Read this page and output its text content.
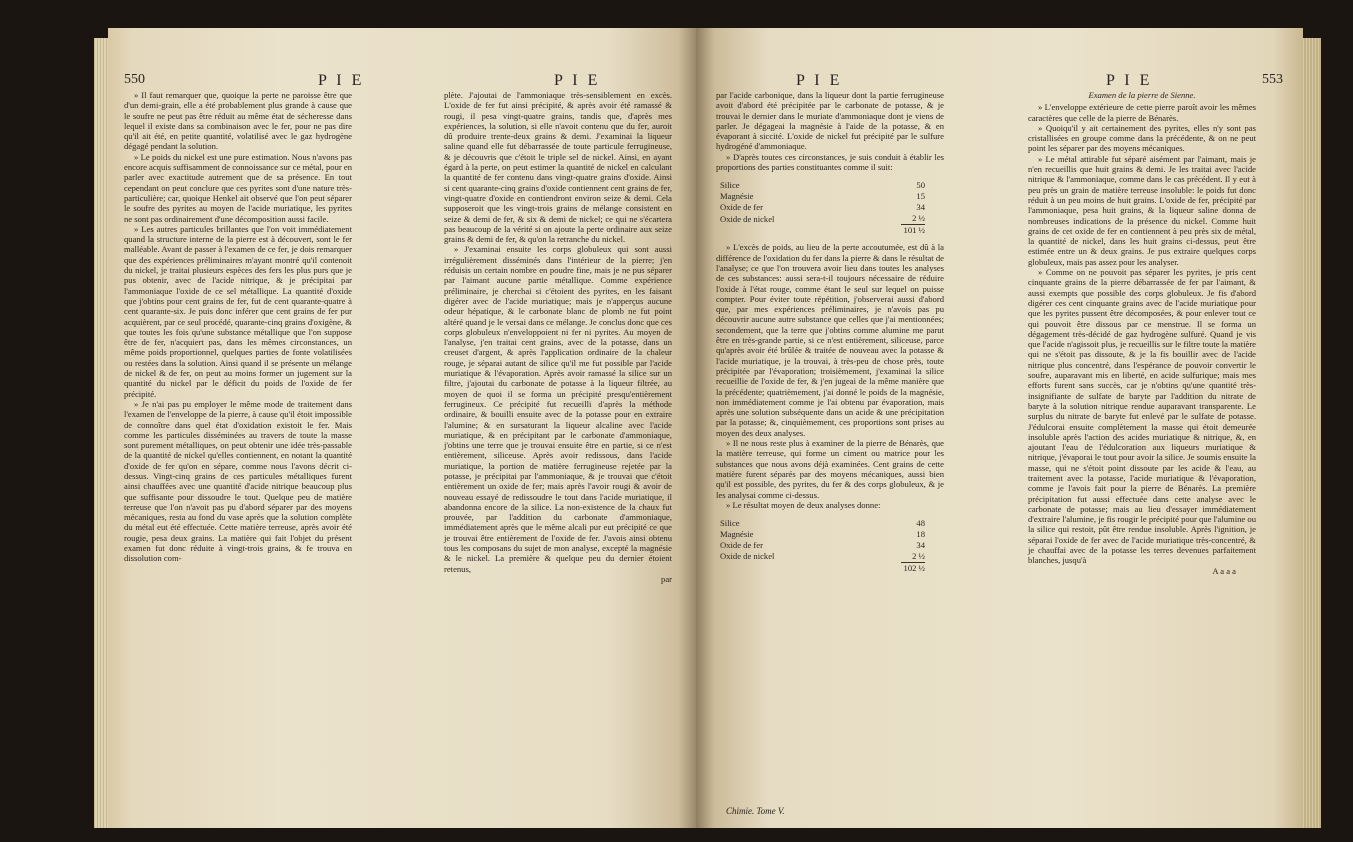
550	P I E	P I E

» Il faut remarquer que, quoique la perte ne paroisse être que d'un demi-grain, elle a été probablement plus grande à cause que le soufre ne peut pas être réduit au même état de sécheresse dans lequel il existe dans sa combinaison avec le fer, pour ne pas dire qu'il ait été, en petite quantité, volatilisé avec le gaz hydrogène dégagé pendant la solution.

» Le poids du nickel est une pure estimation. Nous n'avons pas encore acquis suffisamment de connoissance sur ce métal, pour en parler avec exactitude autrement que de sa présence. En tout cependant on peut conclure que ces pyrites sont d'une nature très-particulière; car, quoique Henkel ait observé que l'on peut séparer le soufre des pyrites au moyen de l'acide muriatique, les pyrites ne sont pas ordinairement d'une décomposition aussi facile.

» Les autres particules brillantes que l'on voit immédiatement quand la structure interne de la pierre est à découvert, sont le fer malléable. Avant de passer à l'examen de ce fer, je dois remarquer que des expériences préliminaires m'ayant montré qu'il contenoit du nickel, je traitai plusieurs espèces des fers les plus purs que je pus obtenir, avec de l'acide nitrique, & je précipitai par l'ammoniaque l'oxide de ce sel métallique. La quantité d'oxide que j'obtins pour cent grains de fer, fut de cent quarante-quatre à cent quarante-six. Je puis donc inférer que cent grains de fer pur acquièrent, par ce seul procédé, quarante-cinq grains d'oxigène, & que toutes les fois qu'une substance métallique que l'on suppose être de fer, n'acquiert pas, dans les mêmes circonstances, un même poids proportionnel, quelques parties de fonte volatilisées ou restées dans la solution. Ainsi quand il se présente un mélange de nickel & de fer, on peut au moins former un jugement sur la quantité du nickel par le déficit du poids de l'oxide de fer précipité.

» Je n'ai pas pu employer le même mode de traitement dans l'examen de l'enveloppe de la pierre, à cause qu'il étoit impossible de connoître dans quel état d'oxidation existoit le fer. Mais comme les particules disséminées au travers de toute la masse sont purement métalliques, on peut obtenir une idée très-passable de la quantité de nickel qu'elles contiennent, en notant la quantité d'oxide de fer qu'on en sépare, comme nous l'avons décrit ci-dessus. Vingt-cinq grains de ces particules métalliques furent ainsi chauffées avec une quantité d'acide nitrique beaucoup plus que suffisante pour dissoudre le tout. Quelque peu de matière terreuse que l'on n'avoit pas pu d'abord séparer par des moyens mécaniques, resta au fond du vase après que la solution complète du métal eut été effectuée. Cette matière terreuse, après avoir été rougie, pesa deux grains. La matière qui fait l'objet du présent examen fut donc réduite à vingt-trois grains, & fe trouva en dissolution com-

plète. J'ajoutai de l'ammoniaque très-sensiblement en excès. L'oxide de fer fut ainsi précipité, & après avoir été ramassé & rougi, il pesa vingt-quatre grains, tandis que, d'après mes expériences, la solution, si elle n'avoit contenu que du fer, auroit dû produire trente-deux grains & demi. J'examinai la liqueur saline quand elle fut débarrassée de toute particule ferrugineuse, & je découvris que c'étoit le triple sel de nickel. Ainsi, en ayant égard à la perte, on peut estimer la quantité de nickel en calculant la quantité de fer contenu dans vingt-quatre grains d'oxide. Ainsi si cent quarante-cinq grains d'oxide contiennent cent grains de fer, vingt-quatre d'oxide en contiendront environ seize & demi. Cela supposeroit que les vingt-trois grains de mélange consistent en seize & demi de fer, & six & demi de nickel; ce qui ne s'écartera pas beaucoup de la vérité si on ajoute la perte ordinaire aux seize grains & demi de fer, & qu'on la retranche du nickel.

» J'examinai ensuite les corps globuleux qui sont aussi irrégulièrement disséminés dans l'intérieur de la pierre; j'en réduisis un certain nombre en poudre fine, mais je ne pus séparer par l'aimant aucune partie métallique. Comme expérience préliminaire, je cherchai si c'étoient des pyrites, en les faisant digérer avec de l'acide muriatique; mais je n'apperçus aucune odeur hépatique, & le carbonate blanc de plomb ne fut point altéré quand je le versai dans ce mélange. Je conclus donc que ces corps globuleux n'enveloppoient ni fer ni pyrites. Au moyen de l'analyse, j'en traitai cent grains, avec de la potasse, dans un creuset d'argent, & après l'application ordinaire de la chaleur rouge, je séparai autant de silice qu'il me fut possible par l'acide muriatique & l'évaporation. Après avoir ramassé la silice sur un filtre, j'ajoutai du carbonate de potasse à la liqueur filtrée, au moyen de quoi il se forma un précipité presqu'entièrement ferrugineux. Ce précipité fut recueilli d'après la méthode ordinaire, & bouilli ensuite avec de la potasse pour en extraire l'alumine; & en sursaturant la liqueur alcaline avec l'acide muriatique, & en précipitant par le carbonate d'ammoniaque, j'obtins une terre que je trouvai ensuite être en partie, si ce n'est entièrement, siliceuse. Après avoir redissous, dans l'acide muriatique, la portion de matière ferrugineuse rejetée par la potasse, je précipitai par l'ammoniaque, & je trouvai que c'étoit entièrement un oxide de fer; mais après l'avoir rougi & avoir de nouveau essayé de redissoudre le tout dans l'acide muriatique, il abandonna encore de la silice. La non-existence de la chaux fut prouvée, par l'addition du carbonate d'ammoniaque, immédiatement après que le même alcali pur eut précipité ce que je trouvai être entièrement de l'oxide de fer. J'avois ainsi obtenu tous les composans du sujet de mon analyse, excepté la magnésie & le nickel. La première & quelque peu du dernier étoient retenus,

par
P I E	P I E	553

par l'acide carbonique, dans la liqueur dont la partie ferrugineuse avoit d'abord été précipitée par le carbonate de potasse, & je trouvai le dernier dans le muriate d'ammoniaque dont je viens de parler. Je dégageai la magnésie à l'aide de la potasse, & en évaporant à siccité. L'oxide de nickel fut précipité par le sulfure hydrogéné d'ammoniaque.

» D'après toutes ces circonstances, je suis conduit à établir les proportions des parties constituantes comme il suit:

Silice	50
Magnésie	15
Oxide de fer	34
Oxide de nickel	2 ½
	101 ½

» L'excès de poids, au lieu de la perte accoutumée, est dû à la différence de l'oxidation du fer dans la pierre & dans le résultat de l'analyse; ce que l'on trouvera avoir lieu dans toutes les analyses de ces substances: aussi sera-t-il toujours nécessaire de réduire l'oxide à l'état rouge, comme étant le seul sur lequel on puisse compter. Pour éviter toute répétition, j'observerai aussi d'abord que, par mes expériences préliminaires, je n'avois pas pu découvrir aucune autre substance que celles que j'ai mentionnées; secondement, que la terre que j'obtins comme alumine me parut être en très-grande partie, si ce n'est entièrement, siliceuse, parce qu'après avoir été brûlée & traitée de nouveau avec la potasse & l'acide muriatique, je la trouvai, à très-peu de chose près, toute précipitée par l'évaporation; troisièmement, j'examinai la silice recueillie de l'oxide de fer, & j'en jugeai de la même manière que la précédente; quatrièmement, j'ai donné le poids de la magnésie, non immédiatement comme je l'ai obtenu par évaporation, mais après une solution subséquente dans un acide & une précipitation par la potasse; &, cinquièmement, ces proportions sont prises au moyen des deux analyses.

» Il ne nous reste plus à examiner de la pierre de Bénarès, que la matière terreuse, qui forme un ciment ou matrice pour les substances que nous avons déjà examinées. Cent grains de cette matière furent séparés par des moyens mécaniques, aussi bien qu'il est possible, des pyrites, du fer & des corps globuleux, & je les analysai comme ci-dessus.

» Le résultat moyen de deux analyses donne:

Silice	48
Magnésie	18
Oxide de fer	34
Oxide de nickel	2 ½
	102 ½
Chimie. Tome V.

Examen de la pierre de Sienne.

» L'enveloppe extérieure de cette pierre paroît avoir les mêmes caractères que celle de la pierre de Bénarès.

» Quoiqu'il y ait certainement des pyrites, elles n'y sont pas cristallisées en groupe comme dans la précédente, & on ne peut point les séparer par des moyens mécaniques.

» Le métal attirable fut séparé aisément par l'aimant, mais je n'en recueillis que huit grains & demi. Je les traitai avec l'acide nitrique & l'ammoniaque, comme dans le cas précédent. Il y eut à peu près un grain de matière terreuse insoluble: le poids fut donc réduit à un peu moins de huit grains. L'oxide de fer, précipité par l'ammoniaque, pesa huit grains, & la liqueur saline donna de nombreuses indications de la présence du nickel. Comme huit grains de cet oxide de fer en contiennent à peu près six de métal, la quantité de nickel, dans les huit grains ci-dessus, peut être estimée entre un & deux grains. Je pus extraire quelques corps globuleux, mais pas assez pour les analyser.

» Comme on ne pouvoit pas séparer les pyrites, je pris cent cinquante grains de la pierre débarrassée de fer par l'aimant, & aussi exempts que possible des corps globuleux. Je fis d'abord digérer ces cent cinquante grains avec de l'acide muriatique pour que les pyrites pussent être décomposées, & pour enlever tout ce qui pouvoit être dissous par ce menstrue. Il se forma un dégagement très-décidé de gaz hydrogène sulfuré. Quand je vis que l'acide n'agissoit plus, je recueillis sur le filtre toute la matière qui ne s'étoit pas dissoute, & je la fis bouillir avec de l'acide nitrique plus concentré, dans l'espérance de pouvoir convertir le soufre, auparavant mis en liberté, en acide sulfurique; mais mes efforts furent sans succès, car je n'obtins qu'une quantité très-insignifiante de sulfate de baryte par l'addition du nitrate de baryte à la solution nitrique rendue auparavant transparente. Le surplus du nitrate de baryte fut enlevé par le sulfate de potasse. J'édulcorai ensuite complètement la masse qui étoit demeurée insoluble après l'action des acides muriatique & nitrique, &, en ajoutant l'eau de l'édulcoration aux liqueurs muriatique & nitrique, j'évaporai le tout pour avoir la silice. Je soumis ensuite la masse, qui ne s'étoit point dissoute par les acide & l'eau, au traitement avec la potasse, l'acide muriatique & l'évaporation, comme je l'avois fait pour la pierre de Bénarès. La première précipitation fut aussi effectuée dans cette analyse avec le carbonate de potasse; mais au lieu d'essayer immédiatement d'extraire l'alumine, je fis rougir le précipité pour que l'alumine ou la silice qui restoit, pût être rendue insoluble. Après l'ignition, je séparai l'oxide de fer avec de l'acide muriatique très-concentré, & je chauffai avec de la potasse les terres devenues parfaitement blanches, jusqu'à

A a a a
